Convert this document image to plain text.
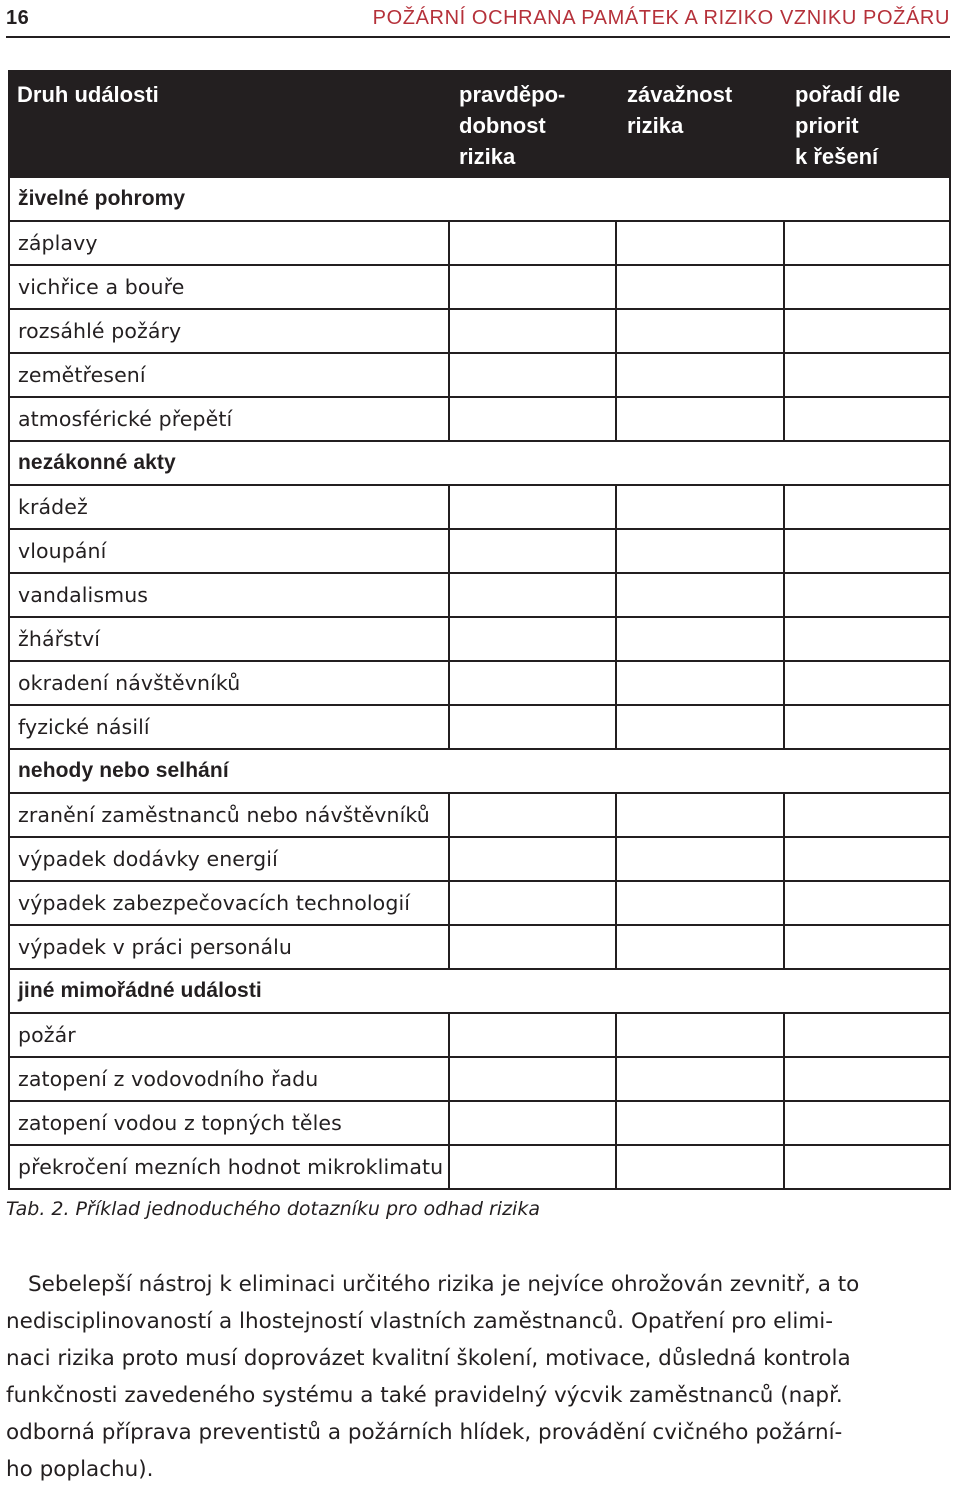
16	POŽÁRNÍ OCHRANA PAMÁTEK A RIZIKO VZNIKU POŽÁRU
Druh události	pravděpo-
dobnost
rizika
závažnost
rizika
pořadí dle
priorit
k řešení
živelné pohromy
záplavy
vichřice a bouře
rozsáhlé požáry
zemětřesení
atmosférické přepětí
nezákonné akty
krádež
vloupání
vandalismus
žhářství
okradení návštěvníků
fyzické násilí
nehody nebo selhání
zranění zaměstnanců nebo návštěvníků
výpadek dodávky energií
výpadek zabezpečovacích technologií
výpadek v práci personálu
jiné mimořádné události
požár
zatopení z vodovodního řadu
zatopení vodou z topných těles
překročení mezních hodnot mikroklimatu
Tab. 2. Příklad jednoduchého dotazníku pro odhad rizika

Sebelepší nástroj k eliminaci určitého rizika je nejvíce ohrožován zevnitř, a to
nedisciplinovaností a lhostejností vlastních zaměstnanců. Opatření pro elimi-
naci rizika proto musí doprovázet kvalitní školení, motivace, důsledná kontrola
funkčnosti zavedeného systému a také pravidelný výcvik zaměstnanců (např.
odborná příprava preventistů a požárních hlídek, provádění cvičného požární-
ho poplachu).
